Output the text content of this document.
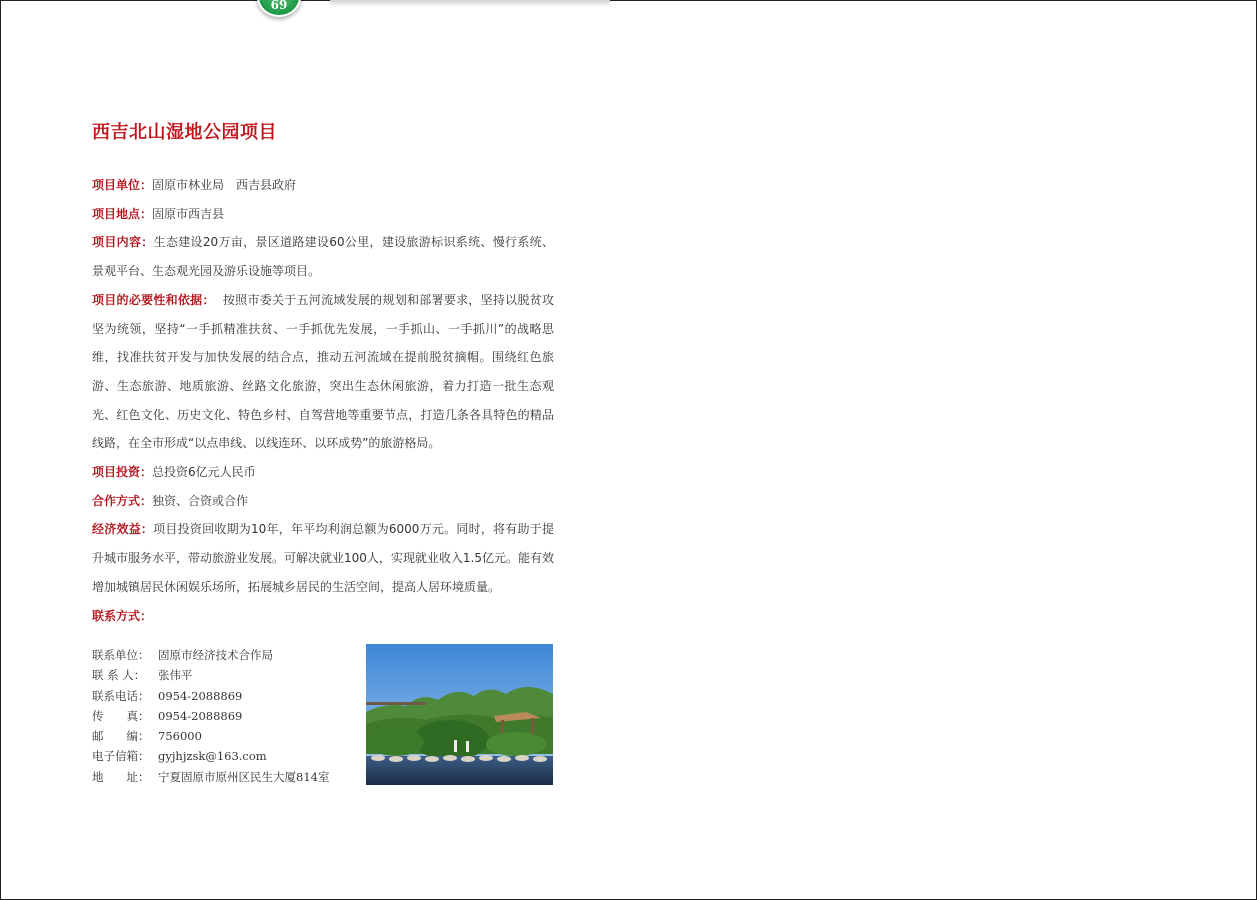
69
西吉北山湿地公园项目

项目单位：固原市林业局　西吉县政府

项目地点：固原市西吉县

项目内容：生态建设20万亩，景区道路建设60公里，建设旅游标识系统、慢行系统、景观平台、生态观光园及游乐设施等项目。

项目的必要性和依据：  按照市委关于五河流域发展的规划和部署要求，坚持以脱贫攻坚为统领，坚持“一手抓精准扶贫、一手抓优先发展，一手抓山、一手抓川”的战略思维，找准扶贫开发与加快发展的结合点，推动五河流域在提前脱贫摘帽。围绕红色旅游、生态旅游、地质旅游、丝路文化旅游，突出生态休闲旅游，着力打造一批生态观光、红色文化、历史文化、特色乡村、自驾营地等重要节点，打造几条各具特色的精品线路，在全市形成“以点串线、以线连环、以环成势”的旅游格局。

项目投资：总投资6亿元人民币

合作方式：独资、合资或合作

经济效益：项目投资回收期为10年，年平均利润总额为6000万元。同时，将有助于提升城市服务水平，带动旅游业发展。可解决就业100人，实现就业收入1.5亿元。能有效增加城镇居民休闲娱乐场所，拓展城乡居民的生活空间，提高人居环境质量。

联系方式：

联系单位： 固原市经济技术合作局
联 系 人：	张伟平
联系电话： 0954-2088869
传　　真： 0954-2088869
邮　　编： 756000
电子信箱： gyjhjzsk@163.com
地　　址： 宁夏固原市原州区民生大厦814室
